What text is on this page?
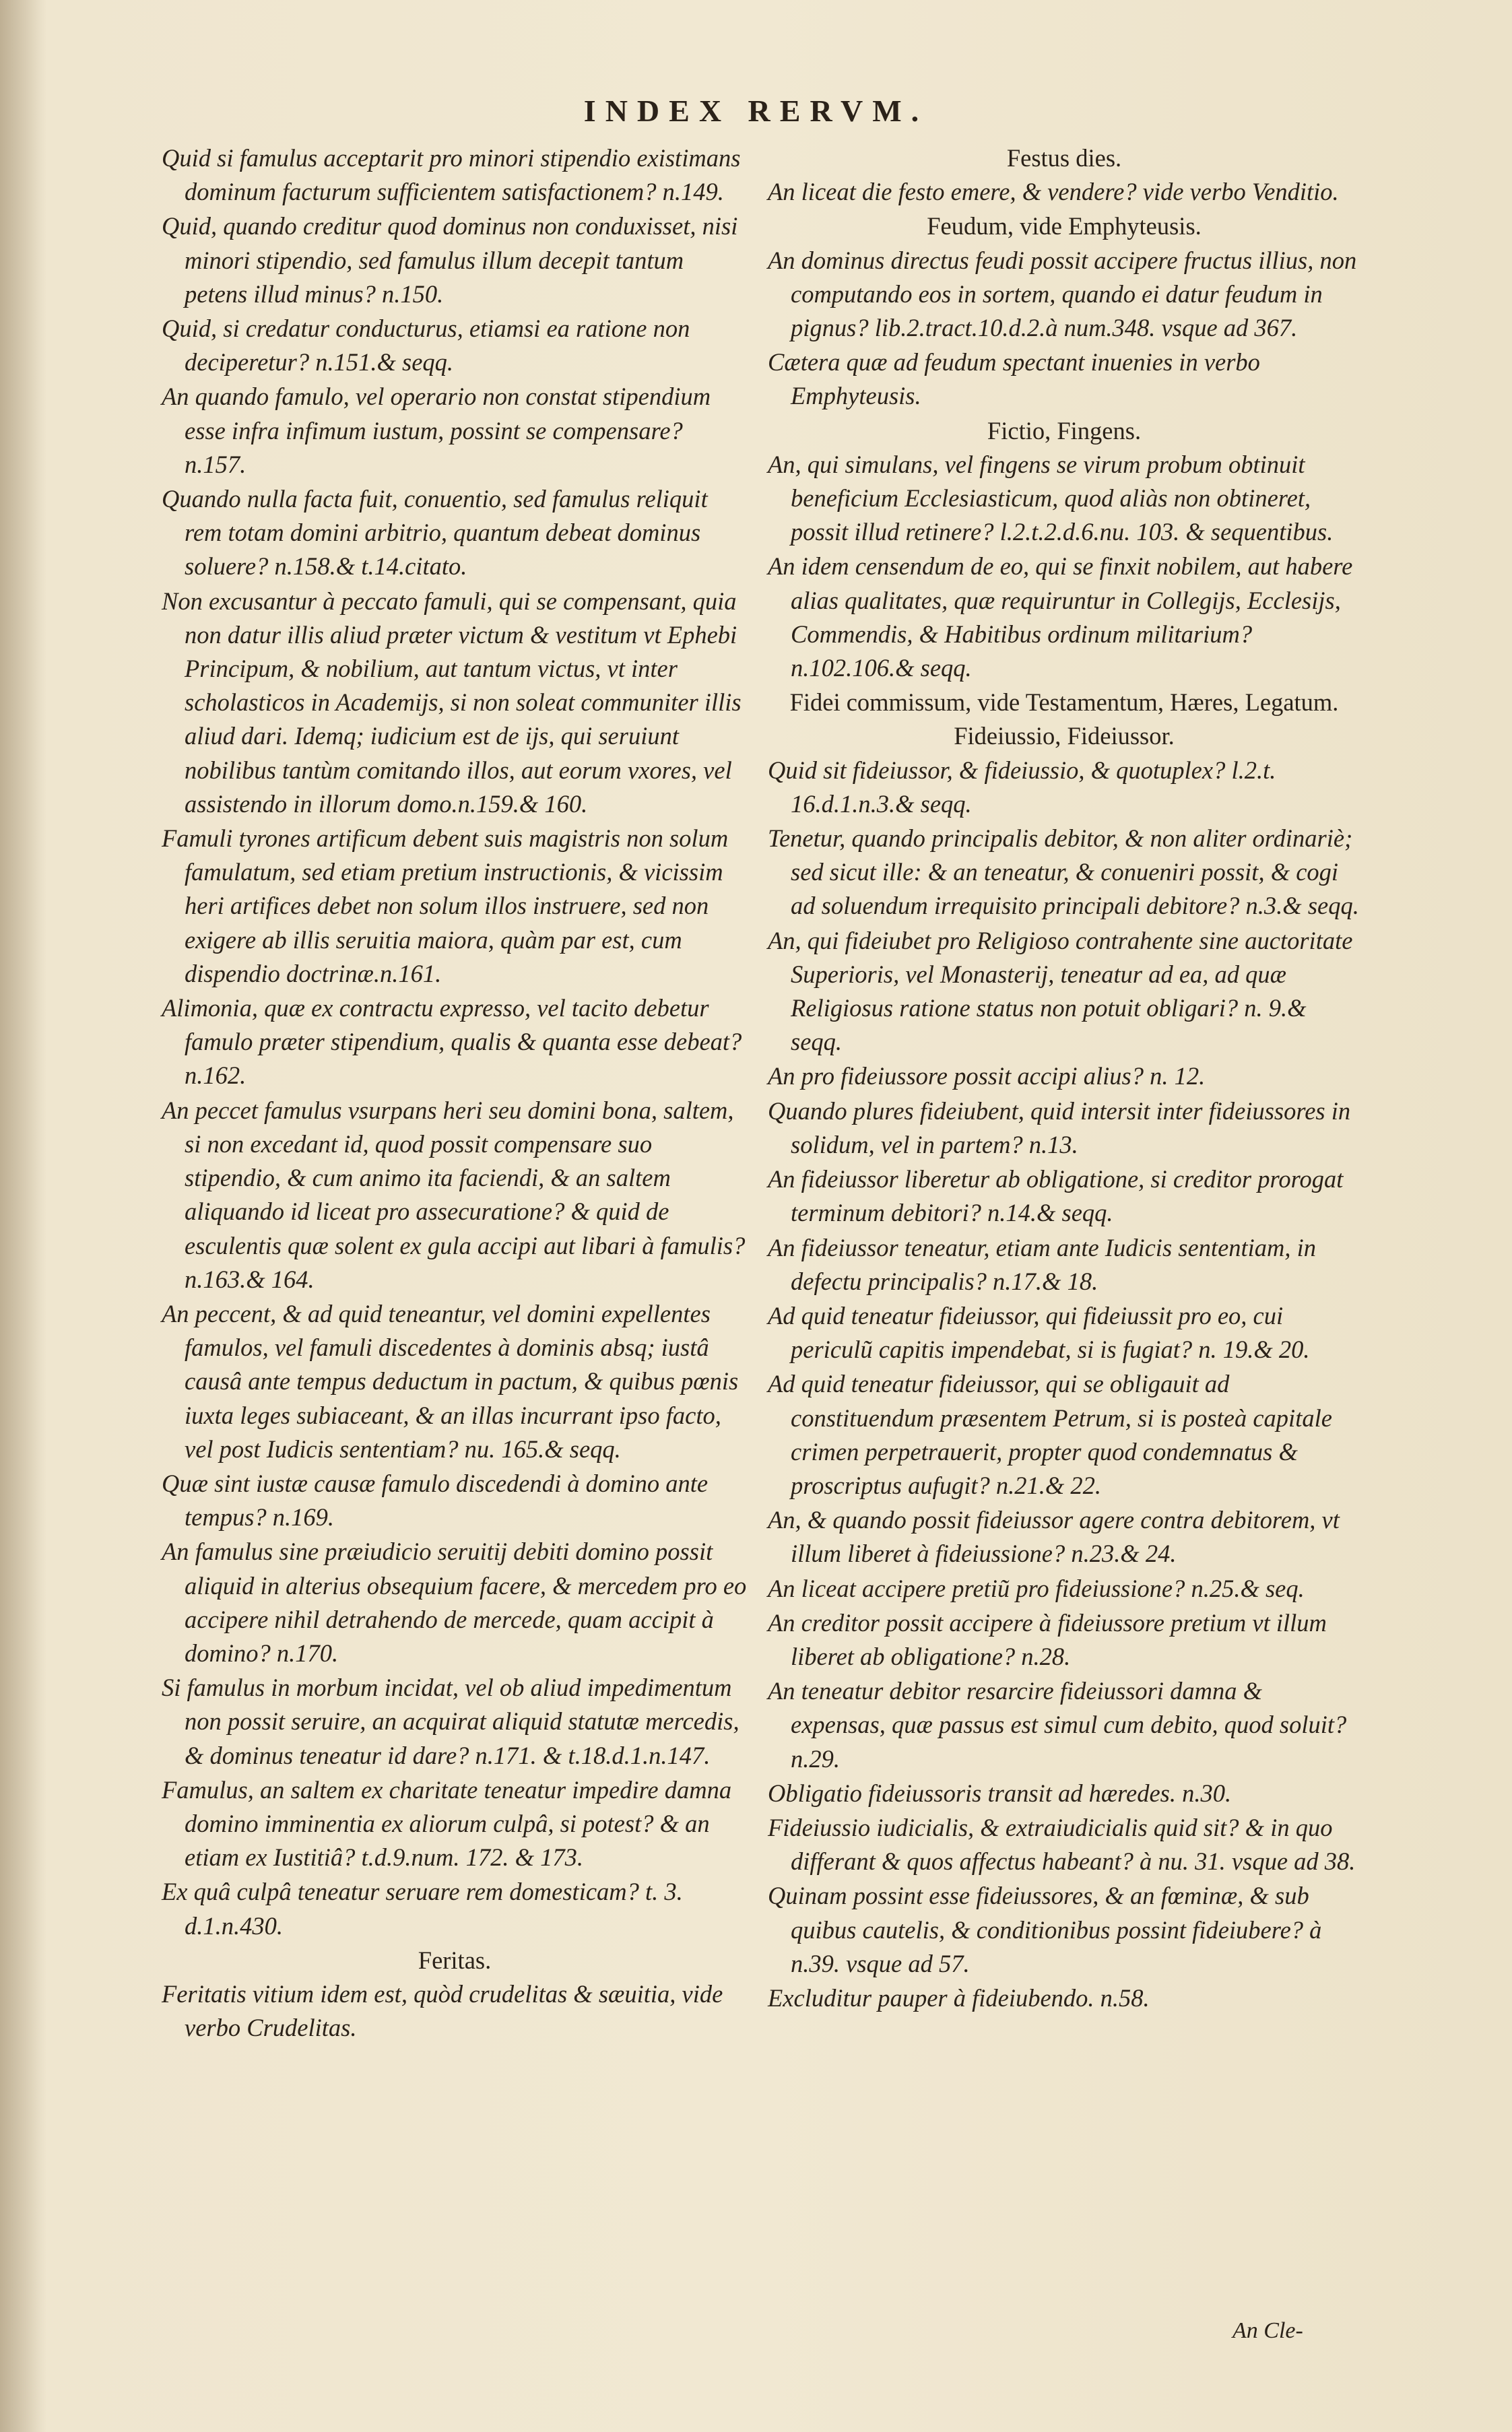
INDEX RERVM.

Quid si famulus acceptarit pro minori stipendio existimans dominum facturum sufficientem satisfactionem? n.149.

Quid, quando creditur quod dominus non conduxisset, nisi minori stipendio, sed famulus illum decepit tantum petens illud minus? n.150.

Quid, si credatur conducturus, etiamsi ea ratione non deciperetur? n.151.& seqq.

An quando famulo, vel operario non constat stipendium esse infra infimum iustum, possint se compensare? n.157.

Quando nulla facta fuit, conuentio, sed famulus reliquit rem totam domini arbitrio, quantum debeat dominus soluere? n.158.& t.14.citato.

Non excusantur à peccato famuli, qui se compensant, quia non datur illis aliud præter victum & vestitum vt Ephebi Principum, & nobilium, aut tantum victus, vt inter scholasticos in Academijs, si non soleat communiter illis aliud dari. Idemq; iudicium est de ijs, qui seruiunt nobilibus tantùm comitando illos, aut eorum vxores, vel assistendo in illorum domo.n.159.& 160.

Famuli tyrones artificum debent suis magistris non solum famulatum, sed etiam pretium instructionis, & vicissim heri artifices debet non solum illos instruere, sed non exigere ab illis seruitia maiora, quàm par est, cum dispendio doctrinæ.n.161.

Alimonia, quæ ex contractu expresso, vel tacito debetur famulo præter stipendium, qualis & quanta esse debeat? n.162.

An peccet famulus vsurpans heri seu domini bona, saltem, si non excedant id, quod possit compensare suo stipendio, & cum animo ita faciendi, & an saltem aliquando id liceat pro assecuratione? & quid de esculentis quæ solent ex gula accipi aut libari à famulis? n.163.& 164.

An peccent, & ad quid teneantur, vel domini expellentes famulos, vel famuli discedentes à dominis absq; iustâ causâ ante tempus deductum in pactum, & quibus pœnis iuxta leges subiaceant, & an illas incurrant ipso facto, vel post Iudicis sententiam? nu. 165.& seqq.

Quæ sint iustæ causæ famulo discedendi à domino ante tempus? n.169.

An famulus sine præiudicio seruitij debiti domino possit aliquid in alterius obsequium facere, & mercedem pro eo accipere nihil detrahendo de mercede, quam accipit à domino? n.170.

Si famulus in morbum incidat, vel ob aliud impedimentum non possit seruire, an acquirat aliquid statutæ mercedis, & dominus teneatur id dare? n.171. & t.18.d.1.n.147.

Famulus, an saltem ex charitate teneatur impedire damna domino imminentia ex aliorum culpâ, si potest? & an etiam ex Iustitiâ? t.d.9.num. 172. & 173.

Ex quâ culpâ teneatur seruare rem domesticam? t. 3. d.1.n.430.

Feritas.

Feritatis vitium idem est, quòd crudelitas & sæuitia, vide verbo Crudelitas.

Festus dies.

An liceat die festo emere, & vendere? vide verbo Venditio.

Feudum, vide Emphyteusis.

An dominus directus feudi possit accipere fructus illius, non computando eos in sortem, quando ei datur feudum in pignus? lib.2.tract.10.d.2.à num.348. vsque ad 367.

Cætera quæ ad feudum spectant inuenies in verbo Emphyteusis.

Fictio, Fingens.

An, qui simulans, vel fingens se virum probum obtinuit beneficium Ecclesiasticum, quod aliàs non obtineret, possit illud retinere? l.2.t.2.d.6.nu. 103. & sequentibus.

An idem censendum de eo, qui se finxit nobilem, aut habere alias qualitates, quæ requiruntur in Collegijs, Ecclesijs, Commendis, & Habitibus ordinum militarium? n.102.106.& seqq.

Fidei commissum, vide Testamentum, Hæres, Legatum.

Fideiussio, Fideiussor.

Quid sit fideiussor, & fideiussio, & quotuplex? l.2.t. 16.d.1.n.3.& seqq.

Tenetur, quando principalis debitor, & non aliter ordinariè; sed sicut ille: & an teneatur, & conueniri possit, & cogi ad soluendum irrequisito principali debitore? n.3.& seqq.

An, qui fideiubet pro Religioso contrahente sine auctoritate Superioris, vel Monasterij, teneatur ad ea, ad quæ Religiosus ratione status non potuit obligari? n. 9.& seqq.

An pro fideiussore possit accipi alius? n. 12.

Quando plures fideiubent, quid intersit inter fideiussores in solidum, vel in partem? n.13.

An fideiussor liberetur ab obligatione, si creditor prorogat terminum debitori? n.14.& seqq.

An fideiussor teneatur, etiam ante Iudicis sententiam, in defectu principalis? n.17.& 18.

Ad quid teneatur fideiussor, qui fideiussit pro eo, cui periculũ capitis impendebat, si is fugiat? n. 19.& 20.

Ad quid teneatur fideiussor, qui se obligauit ad constituendum præsentem Petrum, si is posteà capitale crimen perpetrauerit, propter quod condemnatus & proscriptus aufugit? n.21.& 22.

An, & quando possit fideiussor agere contra debitorem, vt illum liberet à fideiussione? n.23.& 24.

An liceat accipere pretiũ pro fideiussione? n.25.& seq.

An creditor possit accipere à fideiussore pretium vt illum liberet ab obligatione? n.28.

An teneatur debitor resarcire fideiussori damna & expensas, quæ passus est simul cum debito, quod soluit? n.29.

Obligatio fideiussoris transit ad hæredes. n.30.

Fideiussio iudicialis, & extraiudicialis quid sit? & in quo differant & quos affectus habeant? à nu. 31. vsque ad 38.

Quinam possint esse fideiussores, & an fœminæ, & sub quibus cautelis, & conditionibus possint fideiubere? à n.39. vsque ad 57.

Excluditur pauper à fideiubendo. n.58.

An Cle-
